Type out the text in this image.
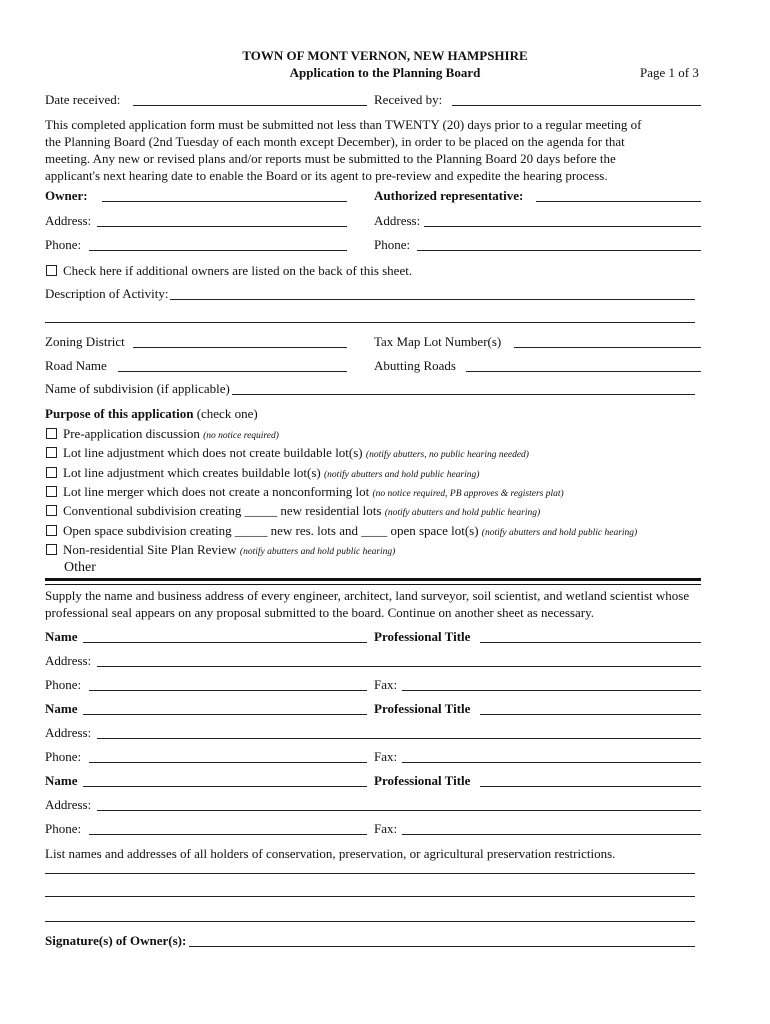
TOWN OF MONT VERNON, NEW HAMPSHIRE
Application to the Planning Board	Page 1 of 3
Date received:	Received by:
This completed application form must be submitted not less than TWENTY (20) days prior to a regular meeting of
the Planning Board (2nd Tuesday of each month except December), in order to be placed on the agenda for that
meeting. Any new or revised plans and/or reports must be submitted to the Planning Board 20 days before the
applicant's next hearing date to enable the Board or its agent to pre-review and expedite the hearing process.
Owner:	Authorized representative:
Address:	Address:
Phone:	Phone:
Check here if additional owners are listed on the back of this sheet.
Description of Activity:
Zoning District	Tax Map Lot Number(s)
Road Name	Abutting Roads
Name of subdivision (if applicable)
Purpose of this application (check one)
Pre-application discussion (no notice required)
Lot line adjustment which does not create buildable lot(s) (notify abutters, no public hearing needed)
Lot line adjustment which creates buildable lot(s) (notify abutters and hold public hearing)
Lot line merger which does not create a nonconforming lot (no notice required, PB approves & registers plat)
Conventional subdivision creating _____ new residential lots (notify abutters and hold public hearing)
Open space subdivision creating _____ new res. lots and ____ open space lot(s) (notify abutters and hold public hearing)
Non-residential Site Plan Review (notify abutters and hold public hearing)
Other
Supply the name and business address of every engineer, architect, land surveyor, soil scientist, and wetland scientist whose
professional seal appears on any proposal submitted to the board. Continue on another sheet as necessary.
Name	Professional Title
Address:
Phone:	Fax:
Name	Professional Title
Address:
Phone:	Fax:
Name	Professional Title
Address:
Phone:	Fax:
List names and addresses of all holders of conservation, preservation, or agricultural preservation restrictions.
Signature(s) of Owner(s):
